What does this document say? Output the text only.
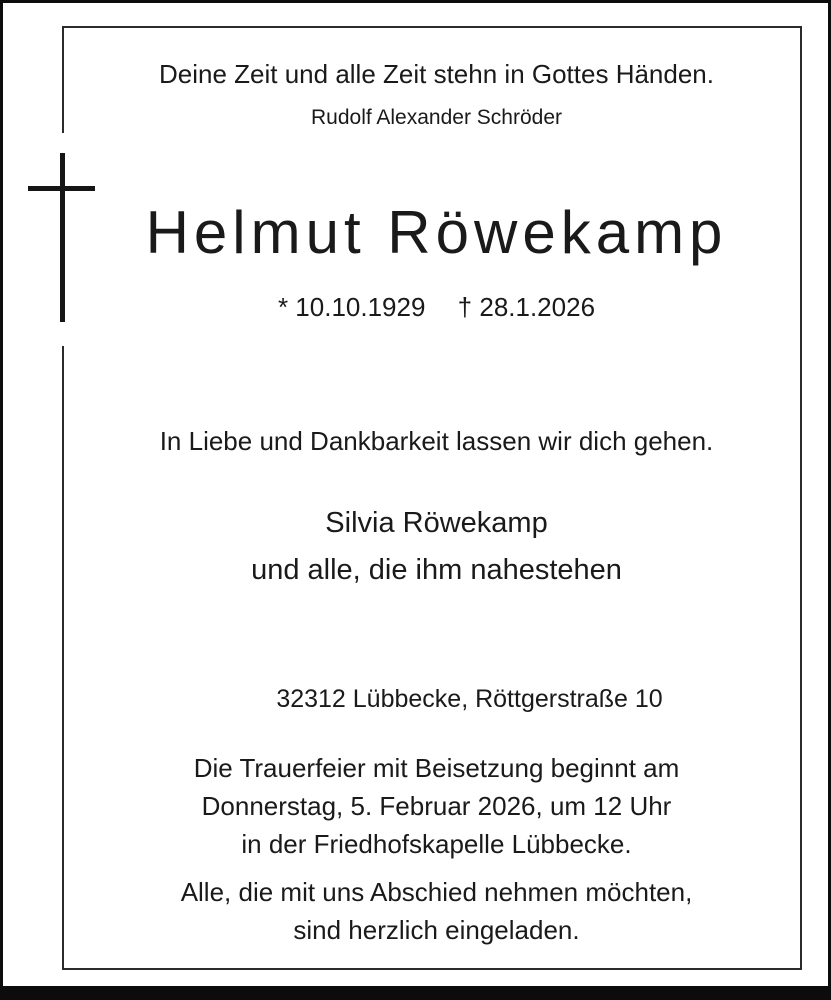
Deine Zeit und alle Zeit stehn in Gottes Händen.
Rudolf Alexander Schröder
Helmut Röwekamp
* 10.10.1929 † 28.1.2026
In Liebe und Dankbarkeit lassen wir dich gehen.
Silvia Röwekamp
und alle, die ihm nahestehen
32312 Lübbecke, Röttgerstraße 10
Die Trauerfeier mit Beisetzung beginnt am
Donnerstag, 5. Februar 2026, um 12 Uhr
in der Friedhofskapelle Lübbecke.
Alle, die mit uns Abschied nehmen möchten,
sind herzlich eingeladen.
